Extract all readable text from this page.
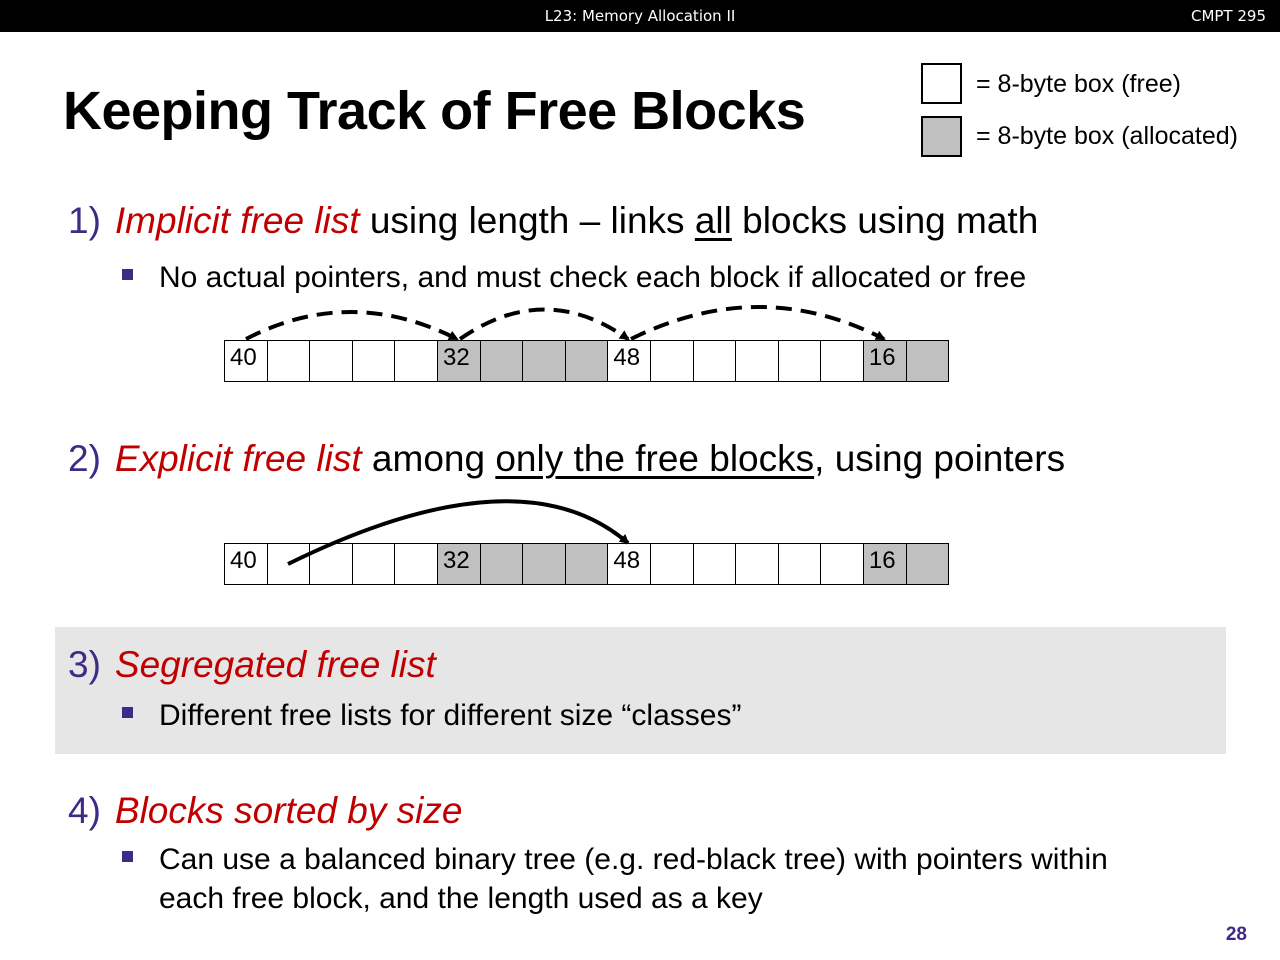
L23: Memory Allocation II	CMPT 295
Keeping Track of Free Blocks	= 8-byte box (free)
= 8-byte box (allocated)
1) Implicit free list using length – links all blocks using math
No actual pointers, and must check each block if allocated or free
40	32	48	16
2) Explicit free list among only the free blocks, using pointers
40	32	48	16
3) Segregated free list
Different free lists for different size “classes”
4) Blocks sorted by size
Can use a balanced binary tree (e.g. red-black tree) with pointers within
each free block, and the length used as a key
28
